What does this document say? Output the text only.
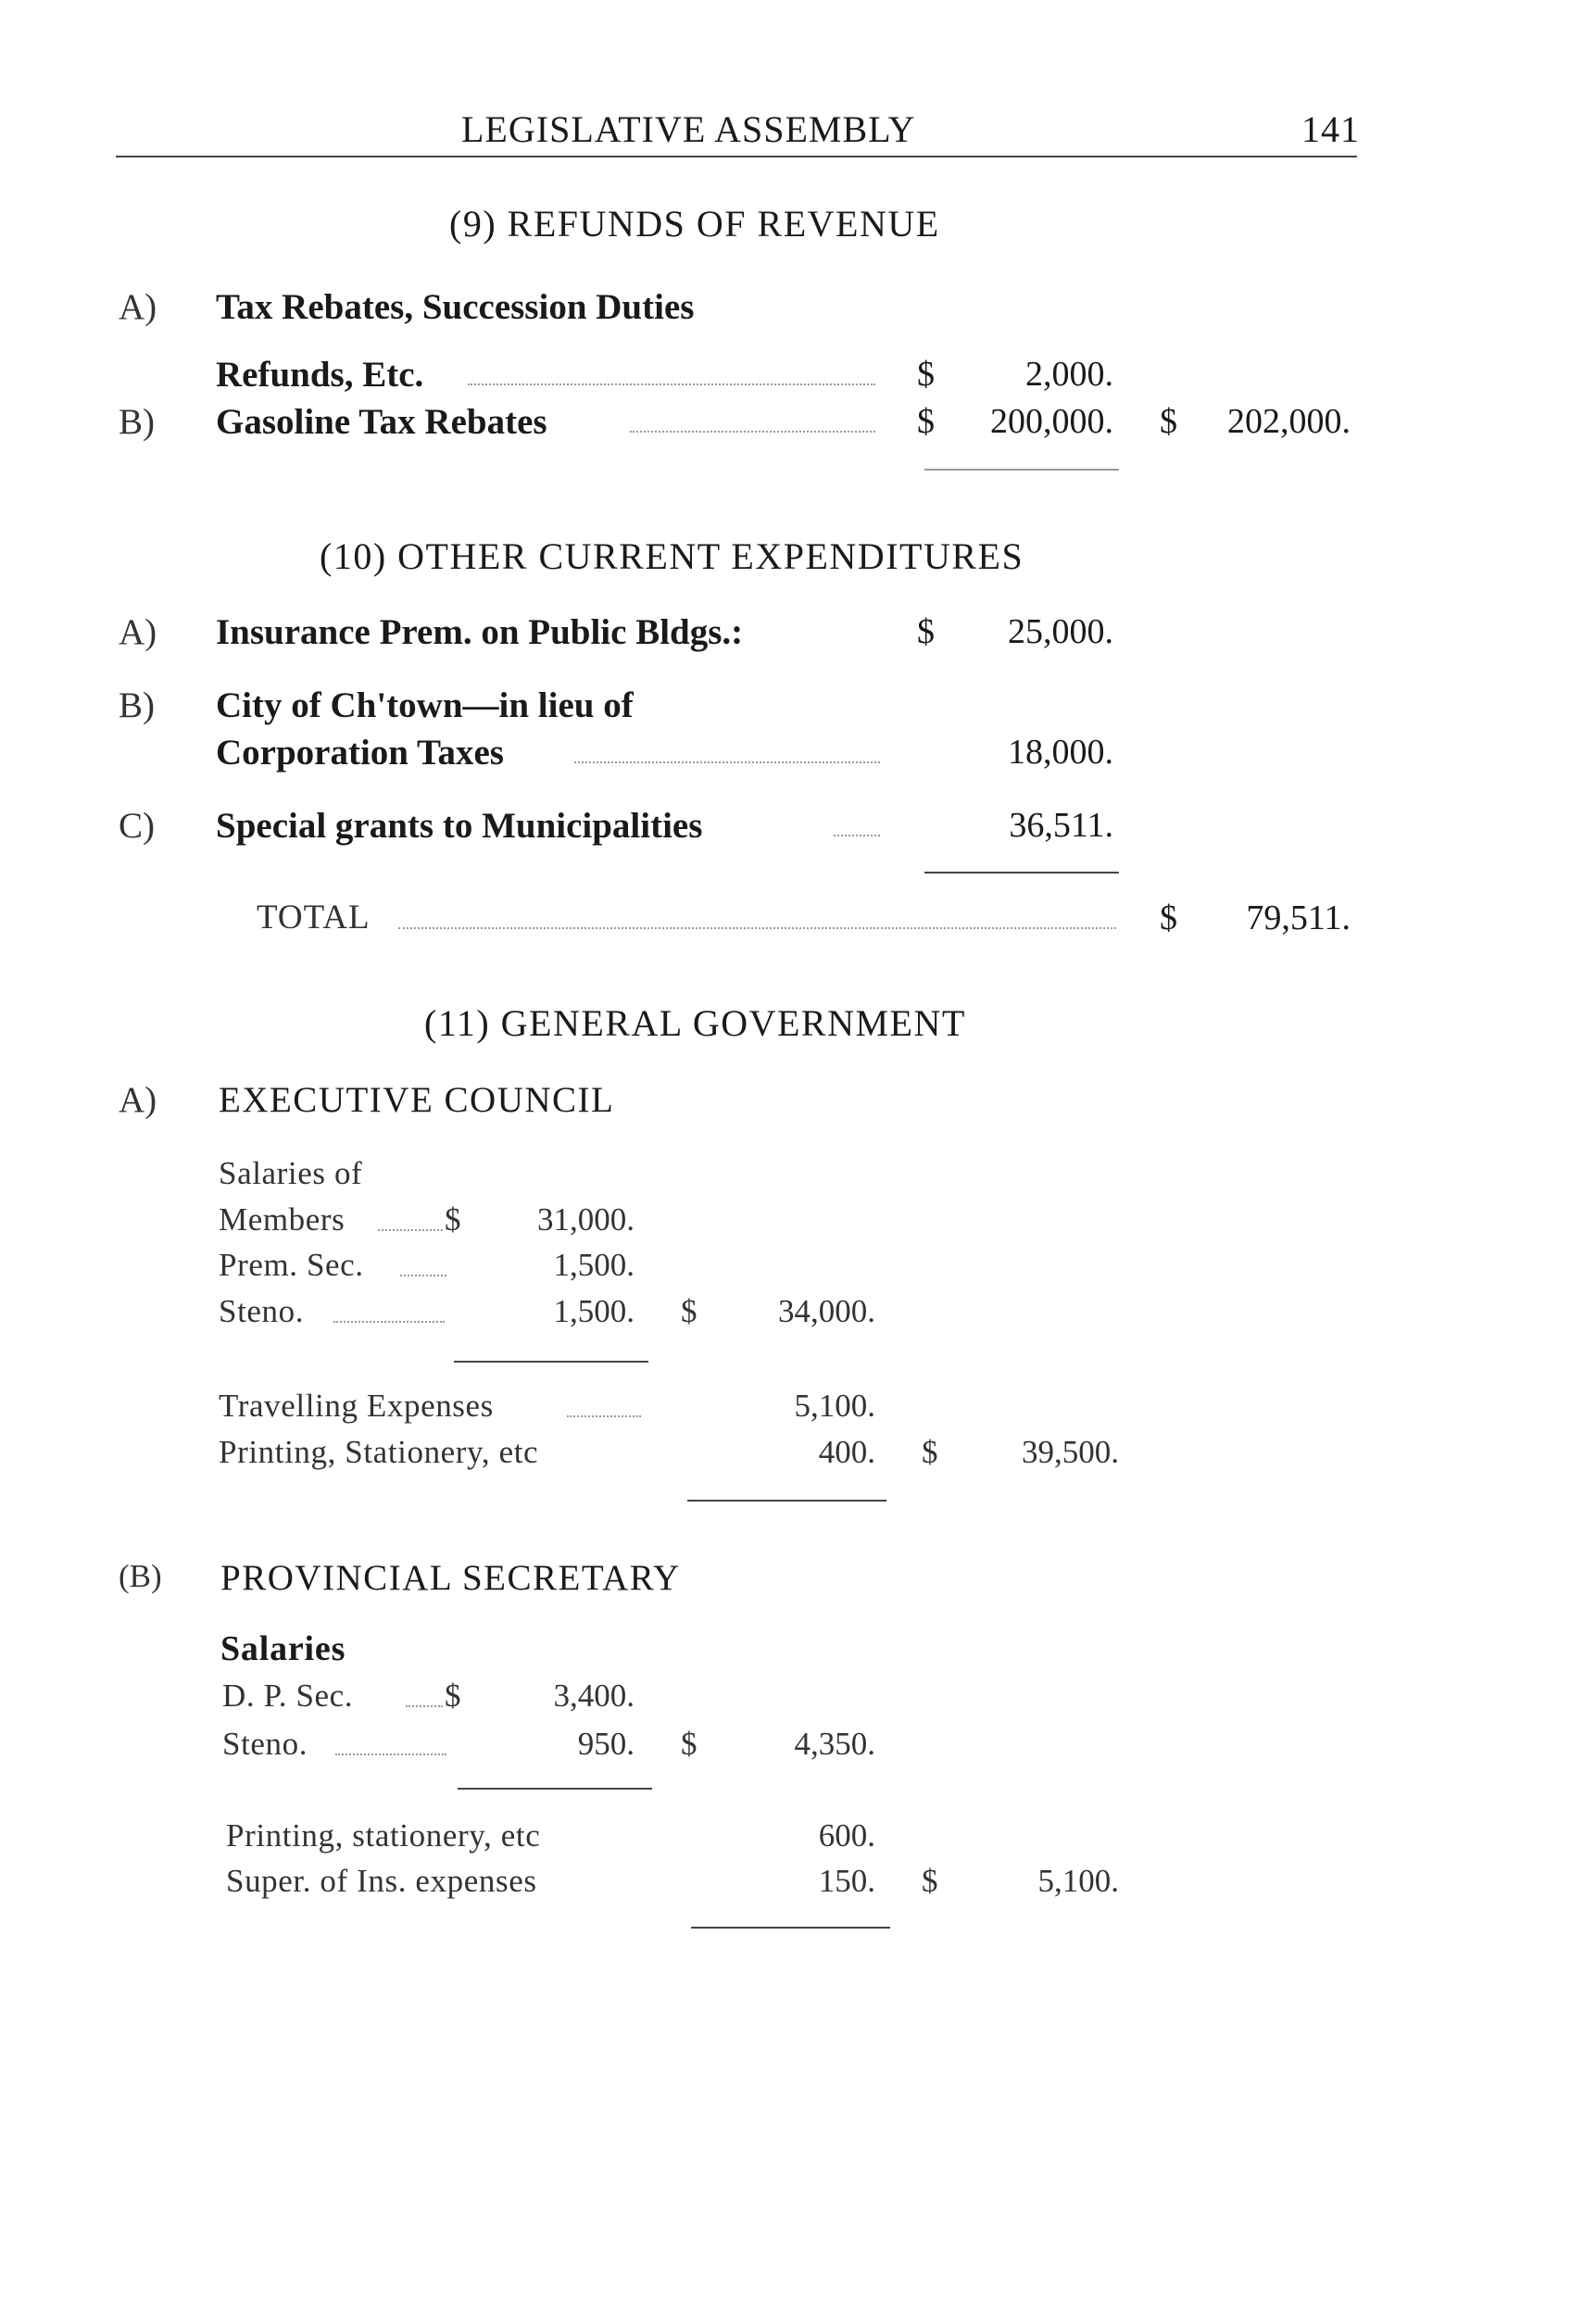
LEGISLATIVE ASSEMBLY	141
(9) REFUNDS OF REVENUE
A) Tax Rebates, Succession Duties
Refunds, Etc.	$	2,000.
B) Gasoline Tax Rebates	$	200,000. $	202,000.
(10) OTHER CURRENT EXPENDITURES
A) Insurance Prem. on Public Bldgs.:	$	25,000.
B) City of Ch'town—in lieu of
Corporation Taxes	18,000.
C) Special grants to Municipalities	36,511.
TOTAL	$	79,511.
(11) GENERAL GOVERNMENT
A) EXECUTIVE COUNCIL
Salaries of
Members	$	31,000.
Prem. Sec.	1,500.
Steno.	1,500. $	34,000.
Travelling Expenses	5,100.
Printing, Stationery, etc	400. $	39,500.
(B) PROVINCIAL SECRETARY
Salaries
D. P. Sec.	$	3,400.
Steno.	950. $	4,350.
Printing, stationery, etc	600.
Super. of Ins. expenses	150. $	5,100.
